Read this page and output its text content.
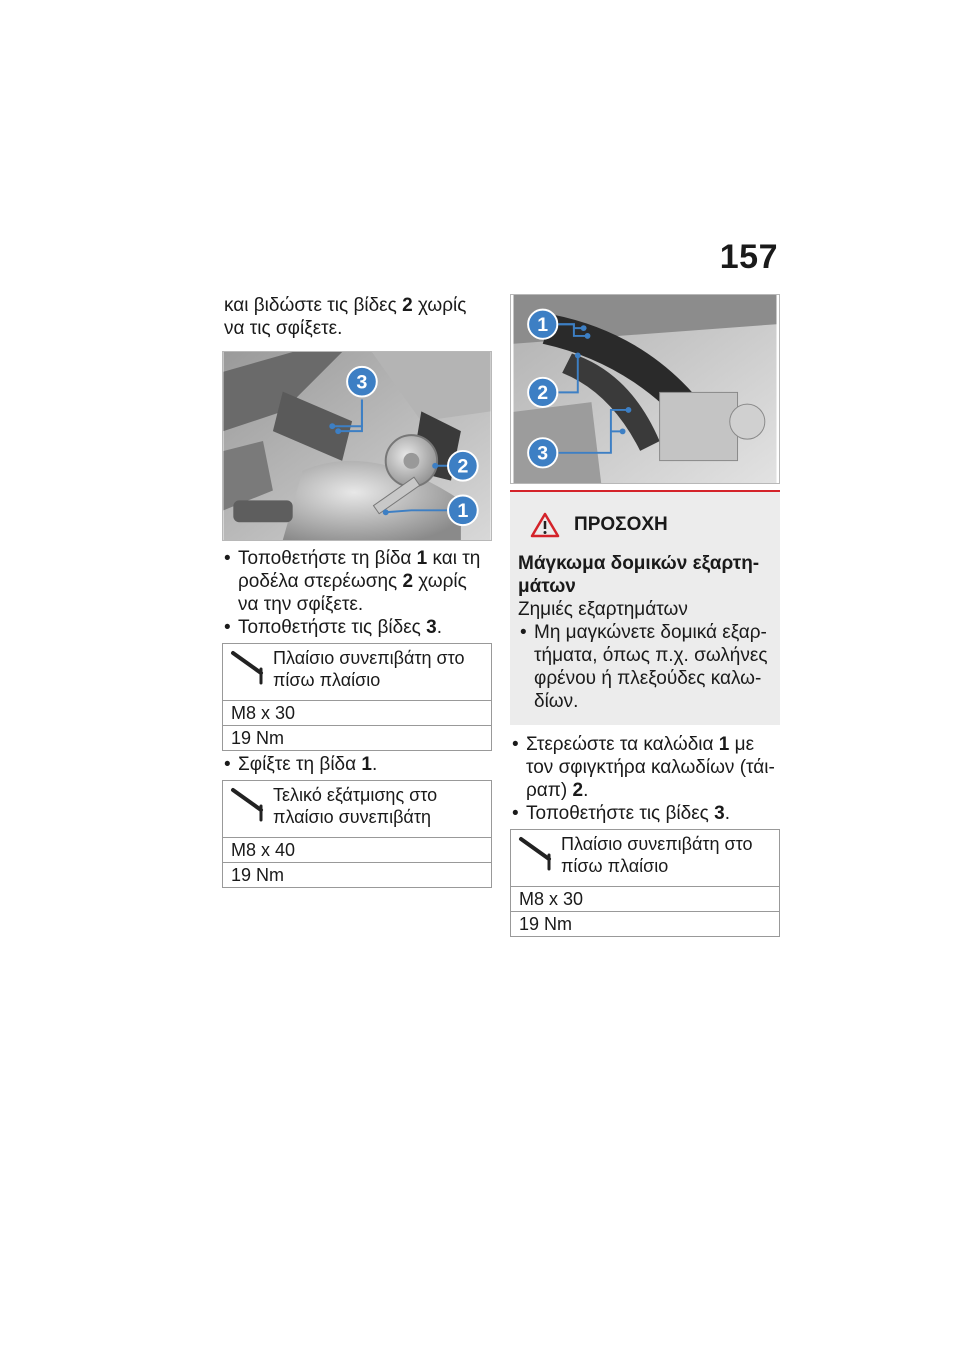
157

και βιδώστε τις βίδες 2 χωρίς να τις σφίξετε.

3
2
1
• Τοποθετήστε τη βίδα 1 και τη ροδέλα στερέωσης 2 χωρίς να την σφίξετε.
• Τοποθετήστε τις βίδες 3.
Πλαίσιο συνεπιβάτη στο πίσω πλαίσιο
M8 x 30
19 Nm
• Σφίξτε τη βίδα 1.
Τελικό εξάτμισης στο πλαίσιο συνεπιβάτη
M8 x 40
19 Nm
1
2
3
ΠΡΟΣΟΧΗ
Μάγκωμα δομικών εξαρτη-μάτων
Ζημιές εξαρτημάτων
• Μη μαγκώνετε δομικά εξαρ-τήματα, όπως π.χ. σωλήνες φρένου ή πλεξούδες καλω-δίων.
• Στερεώστε τα καλώδια 1 με τον σφιγκτήρα καλωδίων (τάι-ραπ) 2.
• Τοποθετήστε τις βίδες 3.
Πλαίσιο συνεπιβάτη στο πίσω πλαίσιο
M8 x 30
19 Nm
